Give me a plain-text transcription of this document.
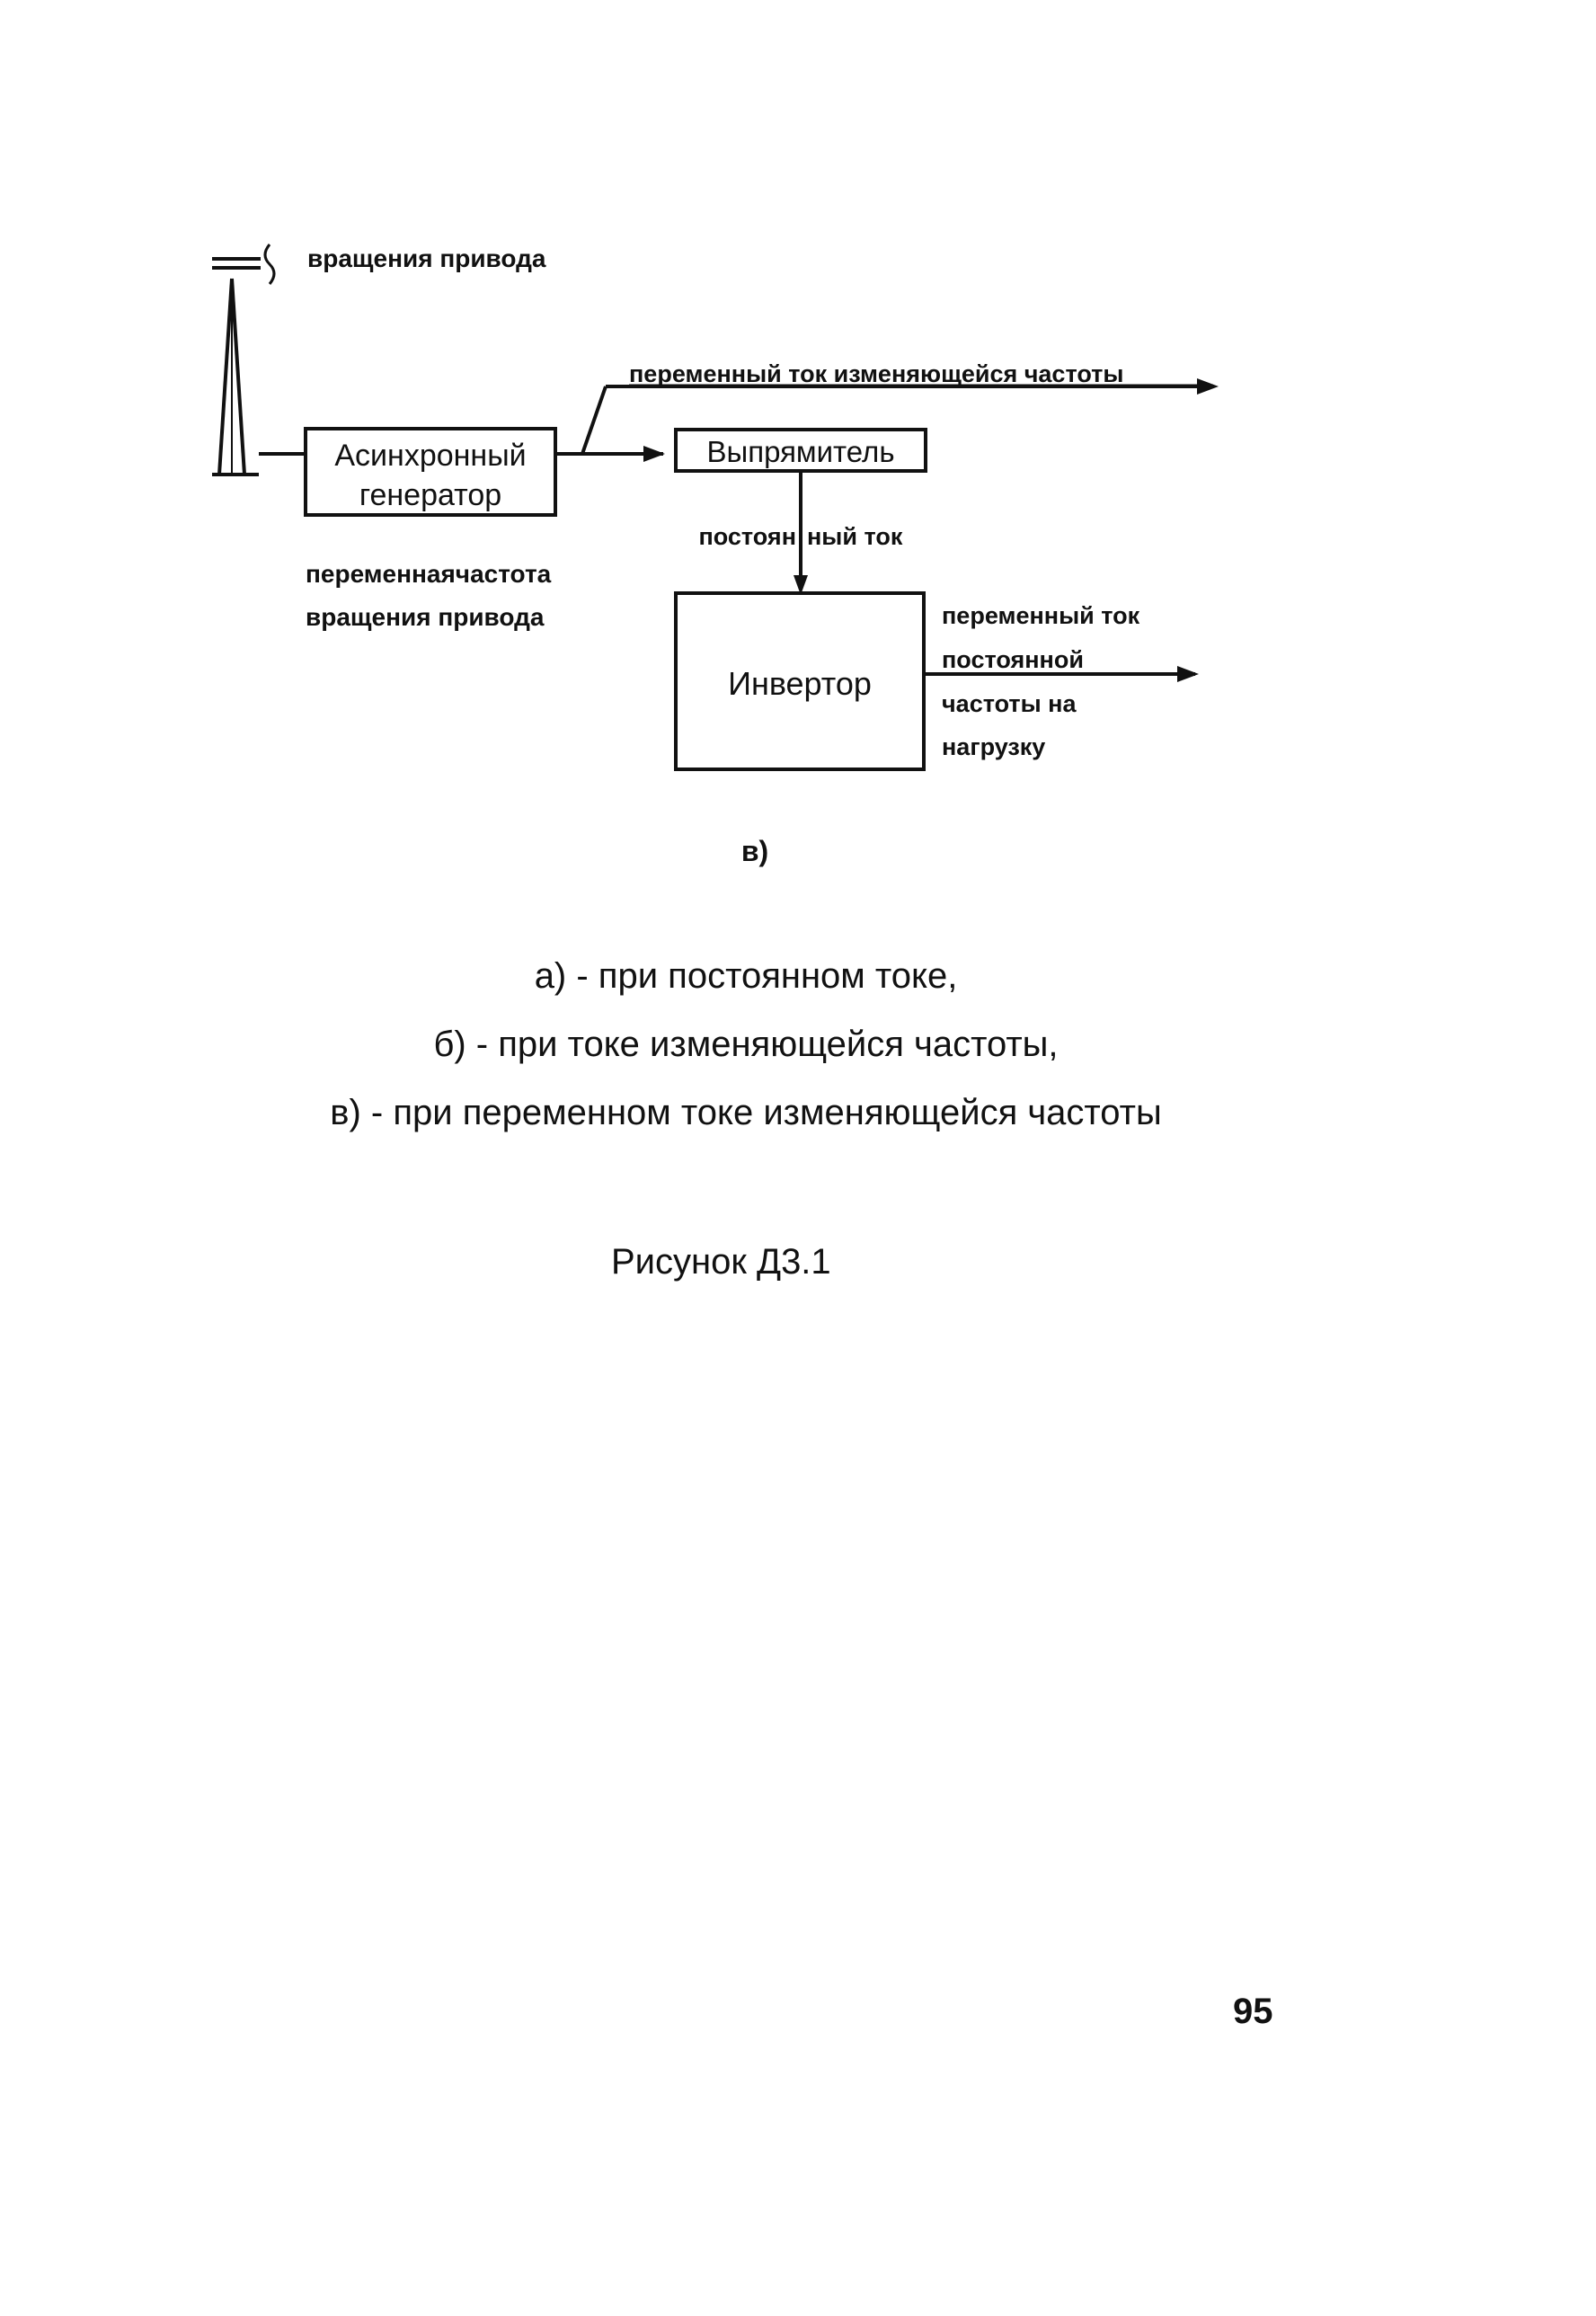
Асинхронный
генератор
Выпрямитель
постоян ный ток
Инвертор
вращения привода
переменный ток изменяющейся частоты
переменнаячастота
вращения привода	переменный ток
постоянной
частоты на
нагрузку
в)
а) - при постоянном токе,
б) - при токе изменяющейся частоты,
в) - при переменном токе изменяющейся частоты
Рисунок Д3.1
95
